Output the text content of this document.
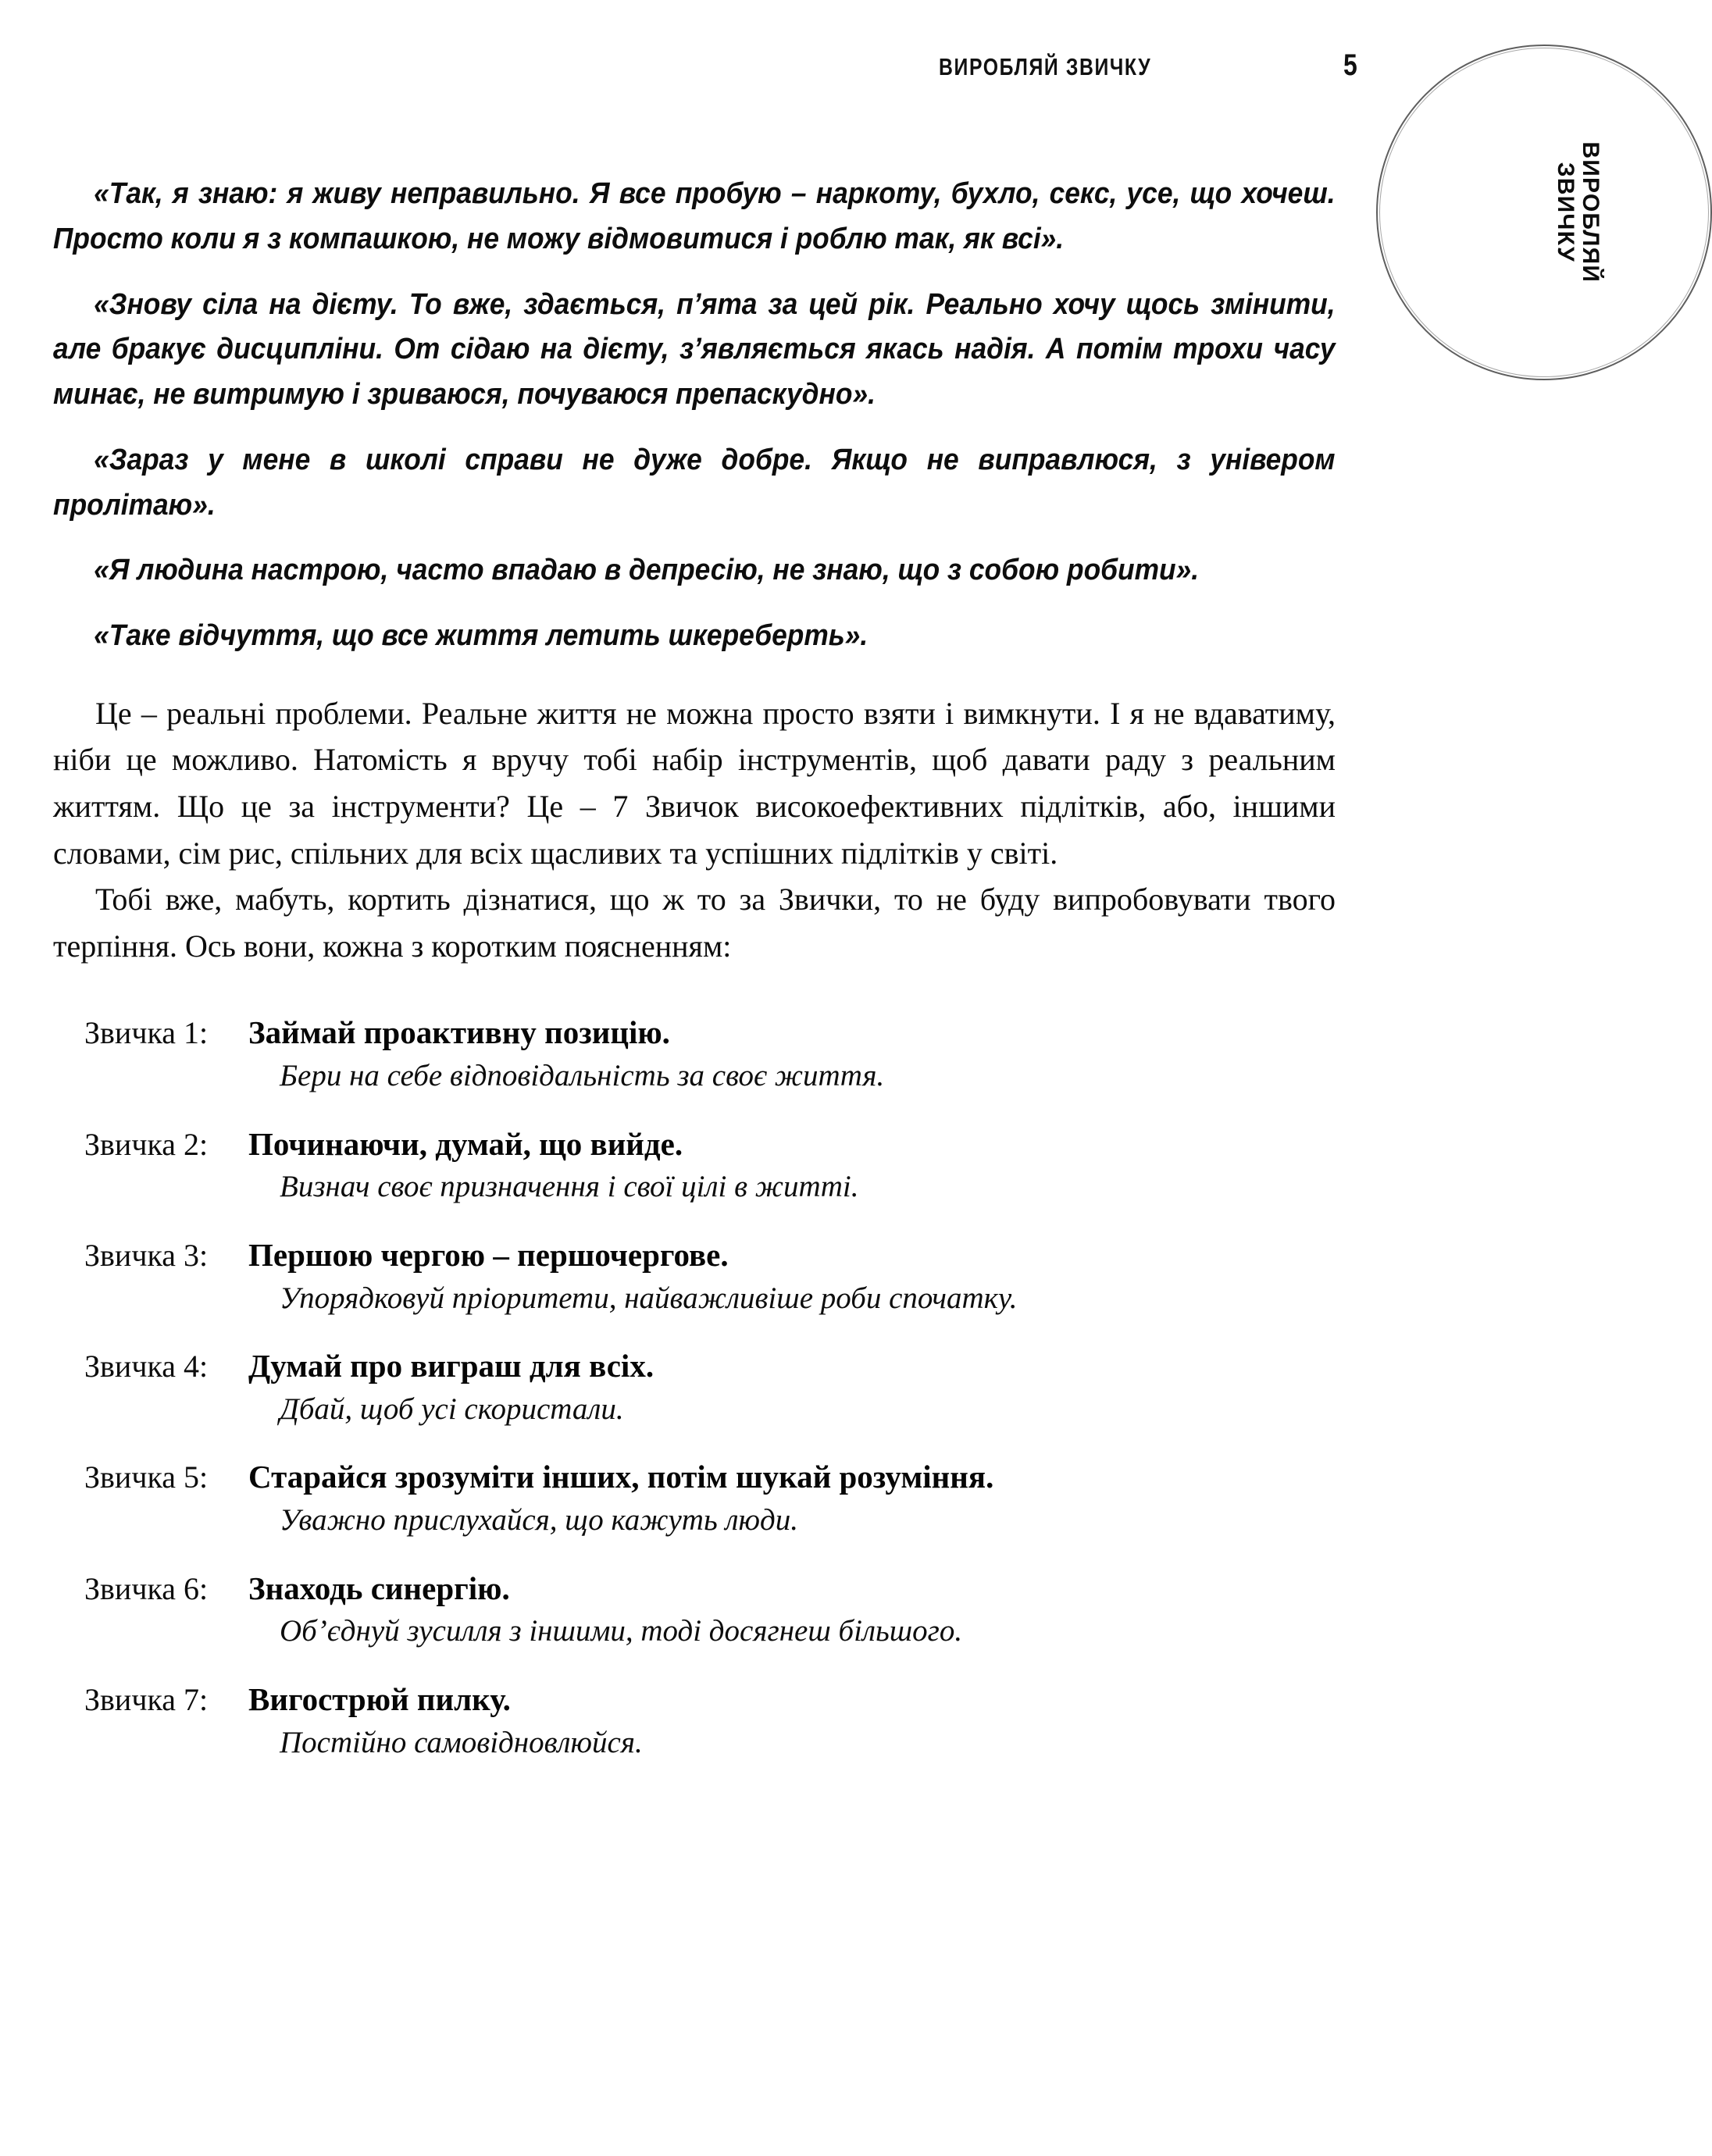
ВИРОБЛЯЙ ЗВИЧКУ	5
ВИРОБЛЯЙ
ЗВИЧКУ

«Так, я знаю: я живу неправильно. Я все пробую – наркоту, бухло, секс, усе, що хочеш. Просто коли я з компашкою, не можу відмовитися і роблю так, як всі».

«Знову сіла на дієту. То вже, здається, п’ята за цей рік. Реально хочу щось змінити, але бракує дисципліни. От сідаю на дієту, з’являється якась надія. А потім трохи часу минає, не витримую і зриваюся, почуваюся препаскудно».

«Зараз у мене в школі справи не дуже добре. Якщо не виправлюся, з універом пролітаю».

«Я людина настрою, часто впадаю в депресію, не знаю, що з собою робити».

«Таке відчуття, що все життя летить шкереберть».

Це – реальні проблеми. Реальне життя не можна просто взяти і вимкнути. І я не вдаватиму, ніби це можливо. Натомість я вручу тобі набір інструментів, щоб давати раду з реальним життям. Що це за інструменти? Це – 7 Звичок високоефективних підлітків, або, іншими словами, сім рис, спільних для всіх щасливих та успішних підлітків у світі.

Тобі вже, мабуть, кортить дізнатися, що ж то за Звички, то не буду випробовувати твого терпіння. Ось вони, кожна з коротким поясненням:

Звичка 1:	Займай проактивну позицію.
Бери на себе відповідальність за своє життя.
Звичка 2:	Починаючи, думай, що вийде.
Визнач своє призначення і свої цілі в житті.
Звичка 3:	Першою чергою – першочергове.
Упорядковуй пріоритети, найважливіше роби спочатку.
Звичка 4:	Думай про виграш для всіх.
Дбай, щоб усі скористали.
Звичка 5:	Старайся зрозуміти інших, потім шукай розуміння.
Уважно прислухайся, що кажуть люди.
Звичка 6:	Знаходь синергію.
Об’єднуй зусилля з іншими, тоді досягнеш більшого.
Звичка 7:	Вигострюй пилку.
Постійно самовідновлюйся.
